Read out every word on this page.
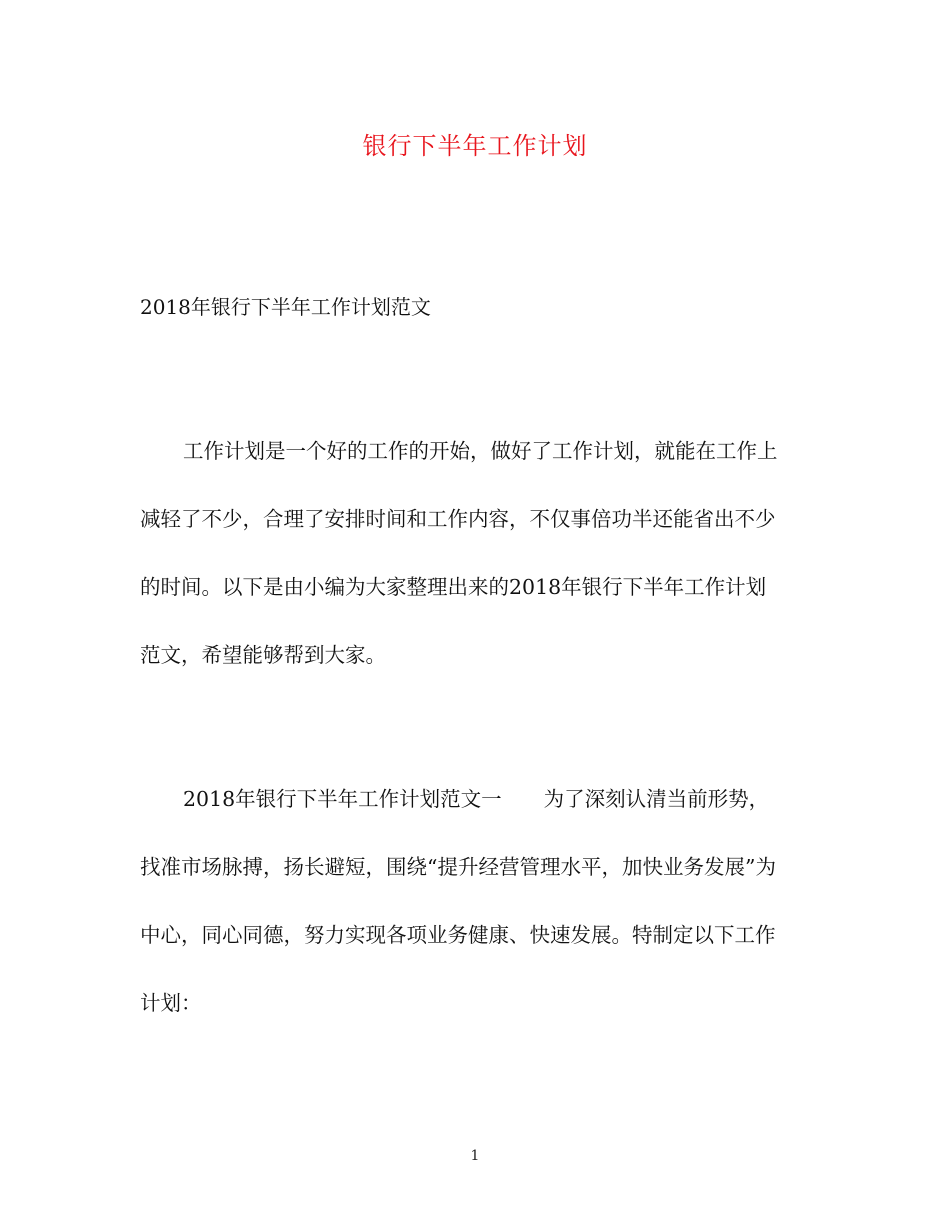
银行下半年工作计划
2018年银行下半年工作计划范文
工作计划是一个好的工作的开始，做好了工作计划，就能在工作上
减轻了不少，合理了安排时间和工作内容，不仅事倍功半还能省出不少
的时间。以下是由小编为大家整理出来的2018年银行下半年工作计划
范文，希望能够帮到大家。
2018年银行下半年工作计划范文一 为了深刻认清当前形势，
找准市场脉搏，扬长避短，围绕“提升经营管理水平，加快业务发展”为
中心，同心同德，努力实现各项业务健康、快速发展。特制定以下工作
计划：
1
